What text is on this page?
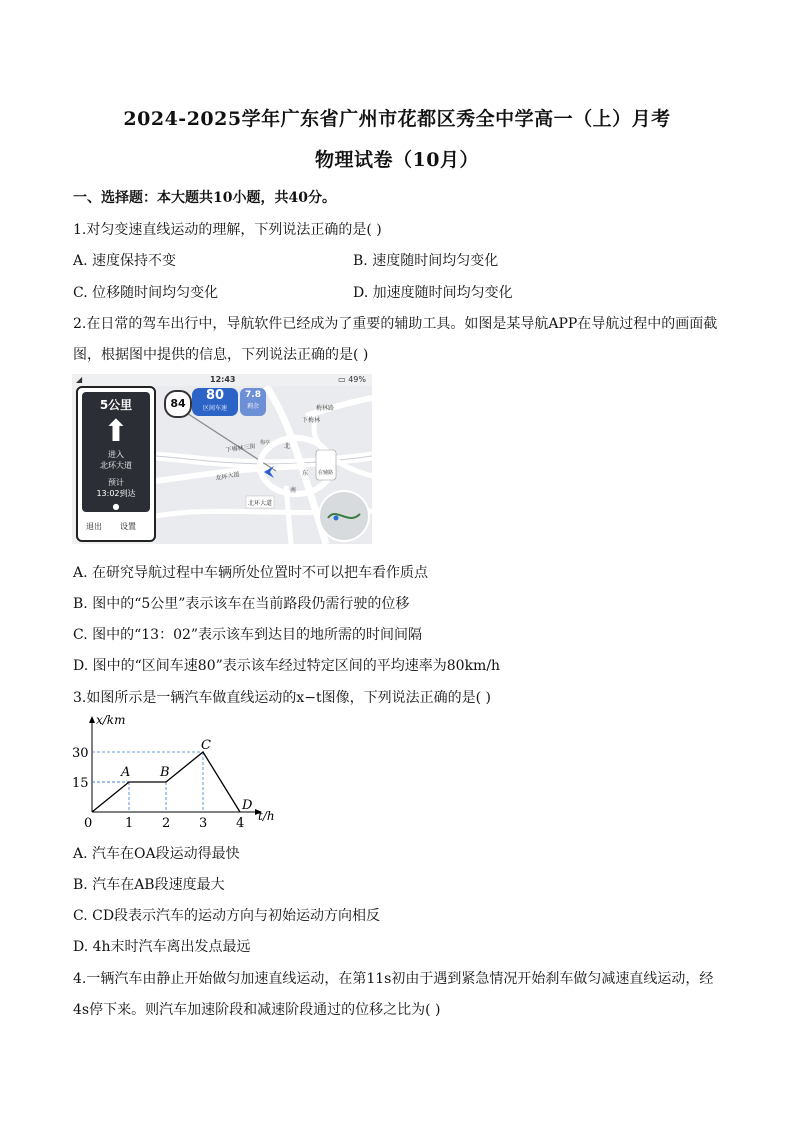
2024-2025学年广东省广州市花都区秀全中学高一（上）月考
物理试卷（10月）
一、选择题：本大题共10小题，共40分。
1.对匀变速直线运动的理解，下列说法正确的是( )
A. 速度保持不变	B. 速度随时间均匀变化
C. 位移随时间均匀变化	D. 加速度随时间均匀变化
2.在日常的驾车出行中，导航软件已经成为了重要的辅助工具。如图是某导航APP在导航过程中的画面截
图，根据图中提供的信息，下列说法正确的是( )
◢	12:43	▭ 49%
下梅林三街
梅林路
下梅林
北
东
南
梅亭
北环大道
北环大道
在辅路
84
80
区间车速
7.8
剩余
5公里
⬆
进入
北环大道
预计
13:02到达
●
退出 设置
A. 在研究导航过程中车辆所处位置时不可以把车看作质点
B. 图中的“5公里”表示该车在当前路段仍需行驶的位移
C. 图中的“13：02”表示该车到达目的地所需的时间间隔
D. 图中的“区间车速80”表示该车经过特定区间的平均速率为80km/h
3.如图所示是一辆汽车做直线运动的x−t图像，下列说法正确的是( )
x/km
t/h
1 2 3 4
0
15
30
A B
C
D
A. 汽车在OA段运动得最快
B. 汽车在AB段速度最大
C. CD段表示汽车的运动方向与初始运动方向相反
D. 4h末时汽车离出发点最远
4.一辆汽车由静止开始做匀加速直线运动，在第11s初由于遇到紧急情况开始刹车做匀减速直线运动，经
4s停下来。则汽车加速阶段和减速阶段通过的位移之比为( )
